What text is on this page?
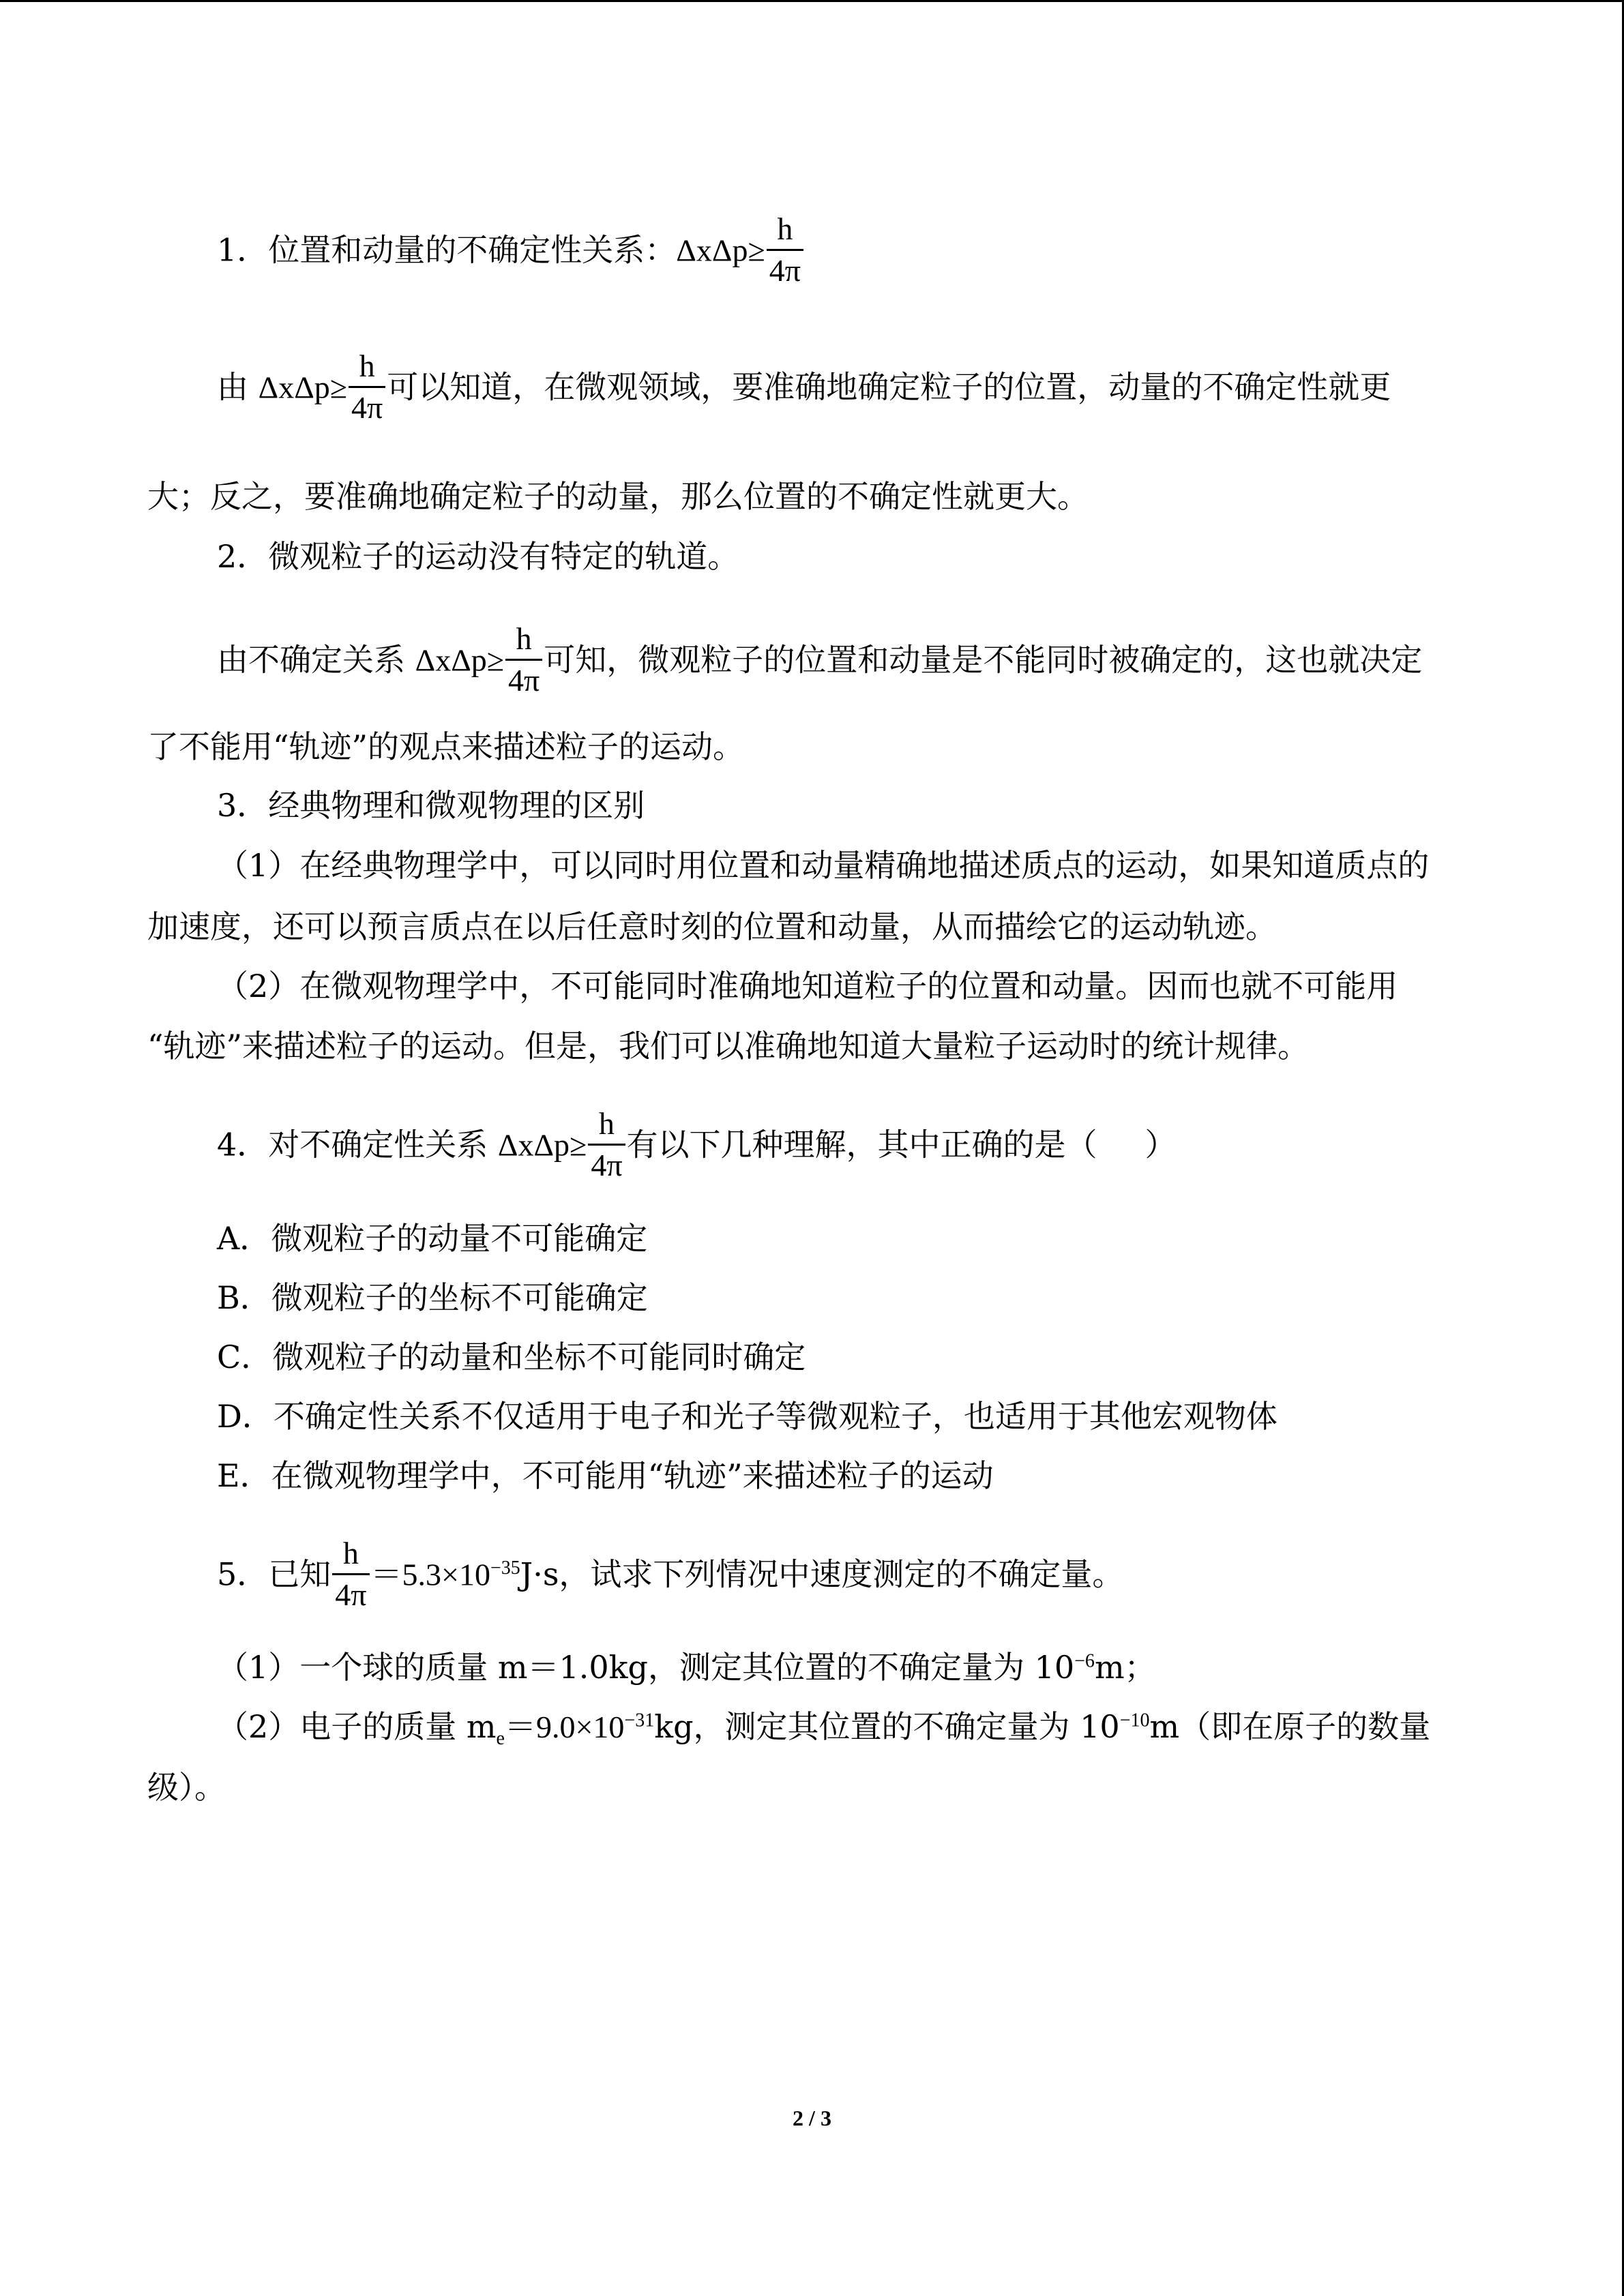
1．位置和动量的不确定性关系：$\Delta x\Delta p\ge \frac{h}{4\pi}$
由 $\Delta x\Delta p\ge \frac{h}{4\pi}$ 可以知道，在微观领域，要准确地确定粒子的位置，动量的不确定性就更
大；反之，要准确地确定粒子的动量，那么位置的不确定性就更大。
2．微观粒子的运动没有特定的轨道。
由不确定关系 $\Delta x\Delta p\ge \frac{h}{4\pi}$ 可知，微观粒子的位置和动量是不能同时被确定的，这也就决定
了不能用“轨迹”的观点来描述粒子的运动。
3．经典物理和微观物理的区别
（1）在经典物理学中，可以同时用位置和动量精确地描述质点的运动，如果知道质点的
加速度，还可以预言质点在以后任意时刻的位置和动量，从而描绘它的运动轨迹。
（2）在微观物理学中，不可能同时准确地知道粒子的位置和动量。因而也就不可能用
“轨迹”来描述粒子的运动。但是，我们可以准确地知道大量粒子运动时的统计规律。
4．对不确定性关系 $\Delta x\Delta p\ge \frac{h}{4\pi}$ 有以下几种理解，其中正确的是（ ）
A．微观粒子的动量不可能确定
B．微观粒子的坐标不可能确定
C．微观粒子的动量和坐标不可能同时确定
D．不确定性关系不仅适用于电子和光子等微观粒子，也适用于其他宏观物体
E．在微观物理学中，不可能用“轨迹”来描述粒子的运动
5．已知 $\frac{h}{4\pi} =5.3\times 10^{-35}J\cdot s$，试求下列情况中速度测定的不确定量。
（1）一个球的质量 m＝1.0kg，测定其位置的不确定量为 $10^{-6}m$；
（2）电子的质量 $m_e=9.0\times 10^{-31}kg$，测定其位置的不确定量为 $10^{-10}m$（即在原子的数量
级）。
2 / 3
